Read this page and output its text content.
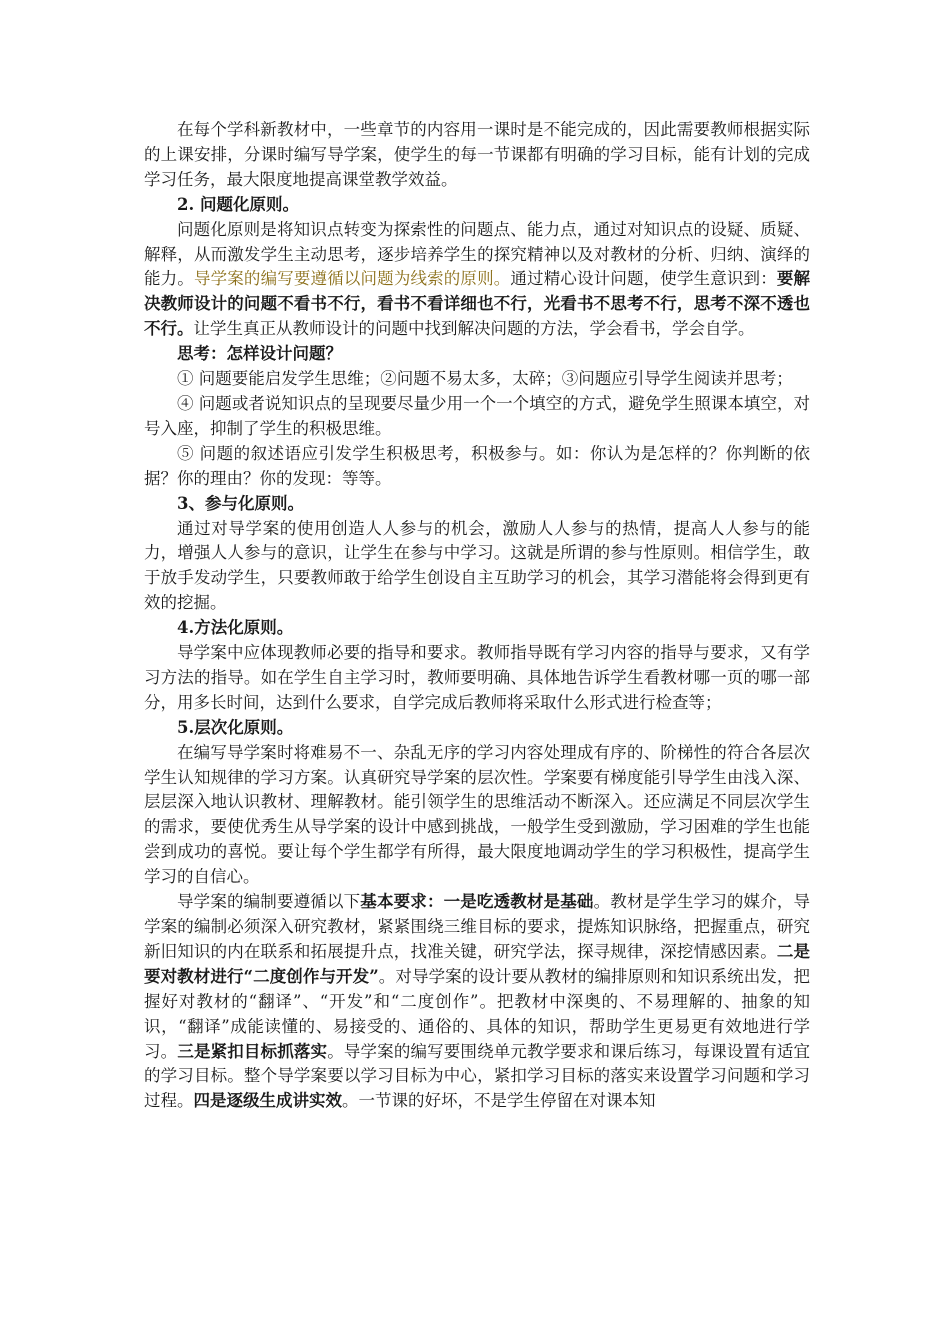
在每个学科新教材中，一些章节的内容用一课时是不能完成的，因此需要教师根据实际的上课安排，分课时编写导学案，使学生的每一节课都有明确的学习目标，能有计划的完成学习任务，最大限度地提高课堂教学效益。

2. 问题化原则。

问题化原则是将知识点转变为探索性的问题点、能力点，通过对知识点的设疑、质疑、解释，从而激发学生主动思考，逐步培养学生的探究精神以及对教材的分析、归纳、演绎的能力。导学案的编写要遵循以问题为线索的原则。通过精心设计问题，使学生意识到：要解决教师设计的问题不看书不行，看书不看详细也不行，光看书不思考不行，思考不深不透也不行。让学生真正从教师设计的问题中找到解决问题的方法，学会看书，学会自学。

思考：怎样设计问题？

① 问题要能启发学生思维；②问题不易太多，太碎；③问题应引导学生阅读并思考；

④ 问题或者说知识点的呈现要尽量少用一个一个填空的方式，避免学生照课本填空，对号入座，抑制了学生的积极思维。

⑤ 问题的叙述语应引发学生积极思考，积极参与。如：你认为是怎样的？你判断的依据？你的理由？你的发现：等等。

3、参与化原则。

通过对导学案的使用创造人人参与的机会，激励人人参与的热情，提高人人参与的能力，增强人人参与的意识，让学生在参与中学习。这就是所谓的参与性原则。相信学生，敢于放手发动学生，只要教师敢于给学生创设自主互助学习的机会，其学习潜能将会得到更有效的挖掘。

4.方法化原则。

导学案中应体现教师必要的指导和要求。教师指导既有学习内容的指导与要求，又有学习方法的指导。如在学生自主学习时，教师要明确、具体地告诉学生看教材哪一页的哪一部分，用多长时间，达到什么要求，自学完成后教师将采取什么形式进行检查等；

5.层次化原则。

在编写导学案时将难易不一、杂乱无序的学习内容处理成有序的、阶梯性的符合各层次学生认知规律的学习方案。认真研究导学案的层次性。学案要有梯度能引导学生由浅入深、层层深入地认识教材、理解教材。能引领学生的思维活动不断深入。还应满足不同层次学生的需求，要使优秀生从导学案的设计中感到挑战，一般学生受到激励，学习困难的学生也能尝到成功的喜悦。要让每个学生都学有所得，最大限度地调动学生的学习积极性，提高学生学习的自信心。

导学案的编制要遵循以下基本要求：一是吃透教材是基础。教材是学生学习的媒介，导学案的编制必须深入研究教材，紧紧围绕三维目标的要求，提炼知识脉络，把握重点，研究新旧知识的内在联系和拓展提升点，找准关键，研究学法，探寻规律，深挖情感因素。二是要对教材进行“二度创作与开发”。对导学案的设计要从教材的编排原则和知识系统出发，把握好对教材的“翻译”、“开发”和“二度创作”。把教材中深奥的、不易理解的、抽象的知识，“翻译”成能读懂的、易接受的、通俗的、具体的知识，帮助学生更易更有效地进行学习。三是紧扣目标抓落实。导学案的编写要围绕单元教学要求和课后练习，每课设置有适宜的学习目标。整个导学案要以学习目标为中心，紧扣学习目标的落实来设置学习问题和学习过程。四是逐级生成讲实效。一节课的好坏，不是学生停留在对课本知
